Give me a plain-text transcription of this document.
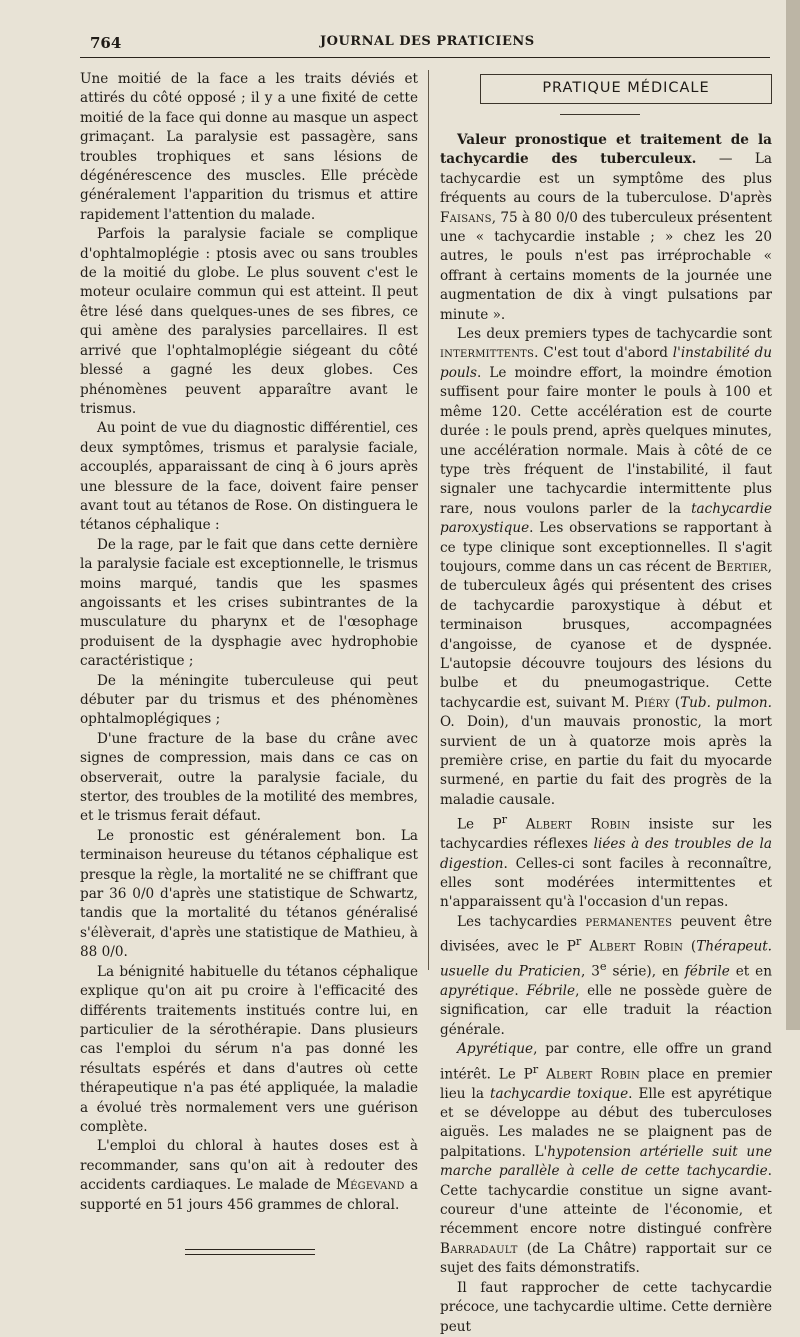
764	JOURNAL DES PRATICIENS

Une moitié de la face a les traits déviés et attirés du côté opposé ; il y a une fixité de cette moitié de la face qui donne au masque un aspect grimaçant. La paralysie est passagère, sans troubles trophiques et sans lésions de dégénérescence des muscles. Elle précède généralement l'apparition du trismus et attire rapidement l'attention du malade.

Parfois la paralysie faciale se complique d'ophtalmoplégie : ptosis avec ou sans troubles de la moitié du globe. Le plus souvent c'est le moteur oculaire commun qui est atteint. Il peut être lésé dans quelques-unes de ses fibres, ce qui amène des paralysies parcellaires. Il est arrivé que l'ophtalmoplégie siégeant du côté blessé a gagné les deux globes. Ces phénomènes peuvent apparaître avant le trismus.

Au point de vue du diagnostic différentiel, ces deux symptômes, trismus et paralysie faciale, accouplés, apparaissant de cinq à 6 jours après une blessure de la face, doivent faire penser avant tout au tétanos de Rose. On distinguera le tétanos céphalique :

De la rage, par le fait que dans cette dernière la paralysie faciale est exceptionnelle, le trismus moins marqué, tandis que les spasmes angoissants et les crises subintrantes de la musculature du pharynx et de l'œsophage produisent de la dysphagie avec hydrophobie caractéristique ;

De la méningite tuberculeuse qui peut débuter par du trismus et des phénomènes ophtalmoplégiques ;

D'une fracture de la base du crâne avec signes de compression, mais dans ce cas on observerait, outre la paralysie faciale, du stertor, des troubles de la motilité des membres, et le trismus ferait défaut.

Le pronostic est généralement bon. La terminaison heureuse du tétanos céphalique est presque la règle, la mortalité ne se chiffrant que par 36 0/0 d'après une statistique de Schwartz, tandis que la mortalité du tétanos généralisé s'élèverait, d'après une statistique de Mathieu, à 88 0/0.

La bénignité habituelle du tétanos céphalique explique qu'on ait pu croire à l'efficacité des différents traitements institués contre lui, en particulier de la sérothérapie. Dans plusieurs cas l'emploi du sérum n'a pas donné les résultats espérés et dans d'autres où cette thérapeutique n'a pas été appliquée, la maladie a évolué très normalement vers une guérison complète.

L'emploi du chloral à hautes doses est à recommander, sans qu'on ait à redouter des accidents cardiaques. Le malade de Mégevand a supporté en 51 jours 456 grammes de chloral.

PRATIQUE MÉDICALE

Valeur pronostique et traitement de la tachycardie des tuberculeux. — La tachycardie est un symptôme des plus fréquents au cours de la tuberculose. D'après Faisans, 75 à 80 0/0 des tuberculeux présentent une « tachycardie instable ; » chez les 20 autres, le pouls n'est pas irréprochable « offrant à certains moments de la journée une augmentation de dix à vingt pulsations par minute ».

Les deux premiers types de tachycardie sont intermittents. C'est tout d'abord l'instabilité du pouls. Le moindre effort, la moindre émotion suffisent pour faire monter le pouls à 100 et même 120. Cette accélération est de courte durée : le pouls prend, après quelques minutes, une accélération normale. Mais à côté de ce type très fréquent de l'instabilité, il faut signaler une tachycardie intermittente plus rare, nous voulons parler de la tachycardie paroxystique. Les observations se rapportant à ce type clinique sont exceptionnelles. Il s'agit toujours, comme dans un cas récent de Bertier, de tuberculeux âgés qui présentent des crises de tachycardie paroxystique à début et terminaison brusques, accompagnées d'angoisse, de cyanose et de dyspnée. L'autopsie découvre toujours des lésions du bulbe et du pneumogastrique. Cette tachycardie est, suivant M. Piéry (Tub. pulmon. O. Doin), d'un mauvais pronostic, la mort survient de un à quatorze mois après la première crise, en partie du fait du myocarde surmené, en partie du fait des progrès de la maladie causale.

Le $P^r$ Albert Robin insiste sur les tachycardies réflexes liées à des troubles de la digestion. Celles-ci sont faciles à reconnaître, elles sont modérées intermittentes et n'apparaissent qu'à l'occasion d'un repas.

Les tachycardies permanentes peuvent être divisées, avec le $P^r$ Albert Robin (Thérapeut. usuelle du Praticien, 3e série), en fébrile et en apyrétique. Fébrile, elle ne possède guère de signification, car elle traduit la réaction générale.

Apyrétique, par contre, elle offre un grand intérêt. Le $P^r$ Albert Robin place en premier lieu la tachycardie toxique. Elle est apyrétique et se développe au début des tuberculoses aiguës. Les malades ne se plaignent pas de palpitations. L'hypotension artérielle suit une marche parallèle à celle de cette tachycardie. Cette tachycardie constitue un signe avant-coureur d'une atteinte de l'économie, et récemment encore notre distingué confrère Barradault (de La Châtre) rapportait sur ce sujet des faits démonstratifs.

Il faut rapprocher de cette tachycardie précoce, une tachycardie ultime. Cette dernière peut
